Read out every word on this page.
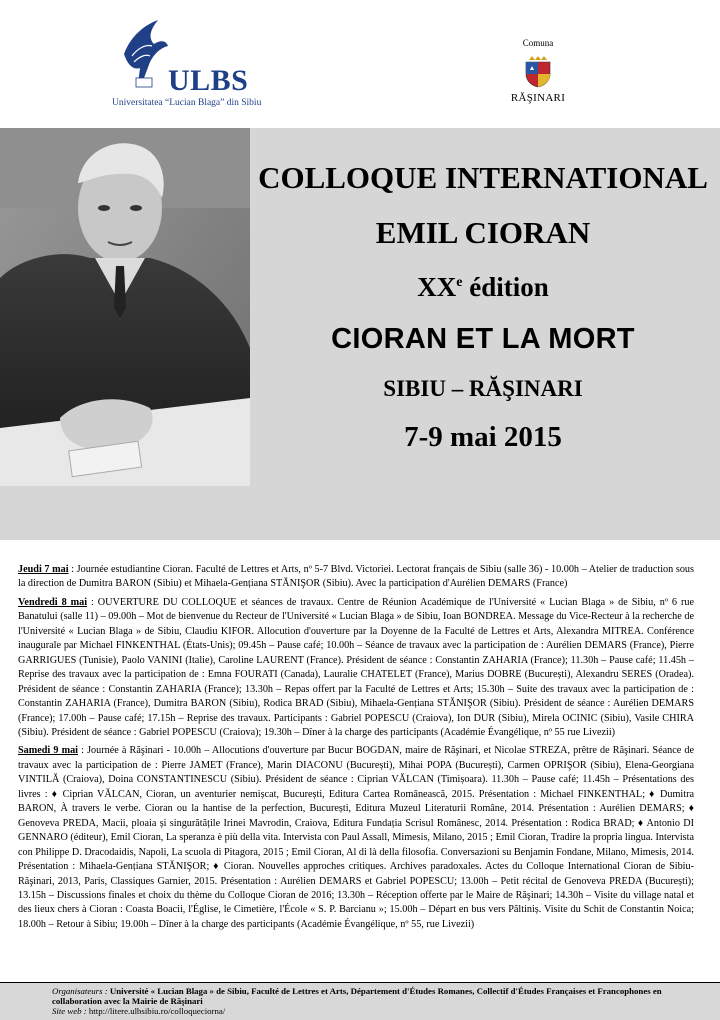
ULBS
Universitatea “Lucian Blaga” din Sibiu
Comuna
RĂŞINARI
COLLOQUE INTERNATIONAL
EMIL CIORAN
XXe édition
CIORAN ET LA MORT
SIBIU – RĂŞINARI
7-9 mai 2015

Jeudi 7 mai : Journée estudiantine Cioran. Faculté de Lettres et Arts, nº 5-7 Blvd. Victoriei. Lectorat français de Sibiu (salle 36) - 10.00h – Atelier de traduction sous la direction de Dumitra BARON (Sibiu) et Mihaela-Gențiana STĂNIŞOR (Sibiu). Avec la participation d'Aurélien DEMARS (France)

Vendredi 8 mai : OUVERTURE DU COLLOQUE et séances de travaux. Centre de Réunion Académique de l'Université « Lucian Blaga » de Sibiu, nº 6 rue Banatului (salle 11) – 09.00h – Mot de bienvenue du Recteur de l'Université « Lucian Blaga » de Sibiu, Ioan BONDREA. Message du Vice-Recteur à la recherche de l'Université « Lucian Blaga » de Sibiu, Claudiu KIFOR. Allocution d'ouverture par la Doyenne de la Faculté de Lettres et Arts, Alexandra MITREA. Conférence inaugurale par Michael FINKENTHAL (États-Unis); 09.45h – Pause café; 10.00h – Séance de travaux avec la participation de : Aurélien DEMARS (France), Pierre GARRIGUES (Tunisie), Paolo VANINI (Italie), Caroline LAURENT (France). Président de séance : Constantin ZAHARIA (France); 11.30h – Pause café; 11.45h – Reprise des travaux avec la participation de : Emna FOURATI (Canada), Lauralie CHATELET (France), Marius DOBRE (București), Alexandru SERES (Oradea). Président de séance : Constantin ZAHARIA (France); 13.30h – Repas offert par la Faculté de Lettres et Arts; 15.30h – Suite des travaux avec la participation de : Constantin ZAHARIA (France), Dumitra BARON (Sibiu), Rodica BRAD (Sibiu), Mihaela-Gențiana STĂNIŞOR (Sibiu). Président de séance : Aurélien DEMARS (France); 17.00h – Pause café; 17.15h – Reprise des travaux. Participants : Gabriel POPESCU (Craiova), Ion DUR (Sibiu), Mirela OCINIC (Sibiu), Vasile CHIRA (Sibiu). Président de séance : Gabriel POPESCU (Craiova); 19.30h – Dîner à la charge des participants (Académie Évangélique, nº 55 rue Livezii)

Samedi 9 mai : Journée à Răşinari - 10.00h – Allocutions d'ouverture par Bucur BOGDAN, maire de Răşinari, et Nicolae STREZA, prêtre de Răşinari. Séance de travaux avec la participation de : Pierre JAMET (France), Marin DIACONU (București), Mihai POPA (București), Carmen OPRIŞOR (Sibiu), Elena-Georgiana VINTILĂ (Craiova), Doina CONSTANTINESCU (Sibiu). Président de séance : Ciprian VĂLCAN (Timișoara). 11.30h – Pause café; 11.45h – Présentations des livres : ♦ Ciprian VĂLCAN, Cioran, un aventurier nemișcat, București, Editura Cartea Românească, 2015. Présentation : Michael FINKENTHAL; ♦ Dumitra BARON, À travers le verbe. Cioran ou la hantise de la perfection, București, Editura Muzeul Literaturii Române, 2014. Présentation : Aurélien DEMARS; ♦ Genoveva PREDA, Macii, ploaia și singurătățile Irinei Mavrodin, Craiova, Editura Fundația Scrisul Românesc, 2014. Présentation : Rodica BRAD; ♦ Antonio DI GENNARO (éditeur), Emil Cioran, La speranza è più della vita. Intervista con Paul Assall, Mimesis, Milano, 2015 ; Emil Cioran, Tradire la propria lingua. Intervista con Philippe D. Dracodaidis, Napoli, La scuola di Pitagora, 2015 ; Emil Cioran, Al di là della filosofia. Conversazioni su Benjamin Fondane, Milano, Mimesis, 2014. Présentation : Mihaela-Gențiana STĂNIŞOR; ♦ Cioran. Nouvelles approches critiques. Archives paradoxales. Actes du Colloque International Cioran de Sibiu-Răşinari, 2013, Paris, Classiques Garnier, 2015. Présentation : Aurélien DEMARS et Gabriel POPESCU; 13.00h – Petit récital de Genoveva PREDA (București); 13.15h – Discussions finales et choix du thème du Colloque Cioran de 2016; 13.30h – Réception offerte par le Maire de Răşinari; 14.30h – Visite du village natal et des lieux chers à Cioran : Coasta Boacii, l'Église, le Cimetière, l'École « S. P. Barcianu »; 15.00h – Départ en bus vers Păltiniș. Visite du Schit de Constantin Noica; 18.00h – Retour à Sibiu; 19.00h – Dîner à la charge des participants (Académie Évangélique, nº 55, rue Livezii)

Organisateurs : Université « Lucian Blaga » de Sibiu, Faculté de Lettres et Arts, Département d'Études Romanes, Collectif d'Études Françaises et Francophones en collaboration avec la Mairie de Răşinari
Site web : http://litere.ulbsibiu.ro/colloqueciorna/
